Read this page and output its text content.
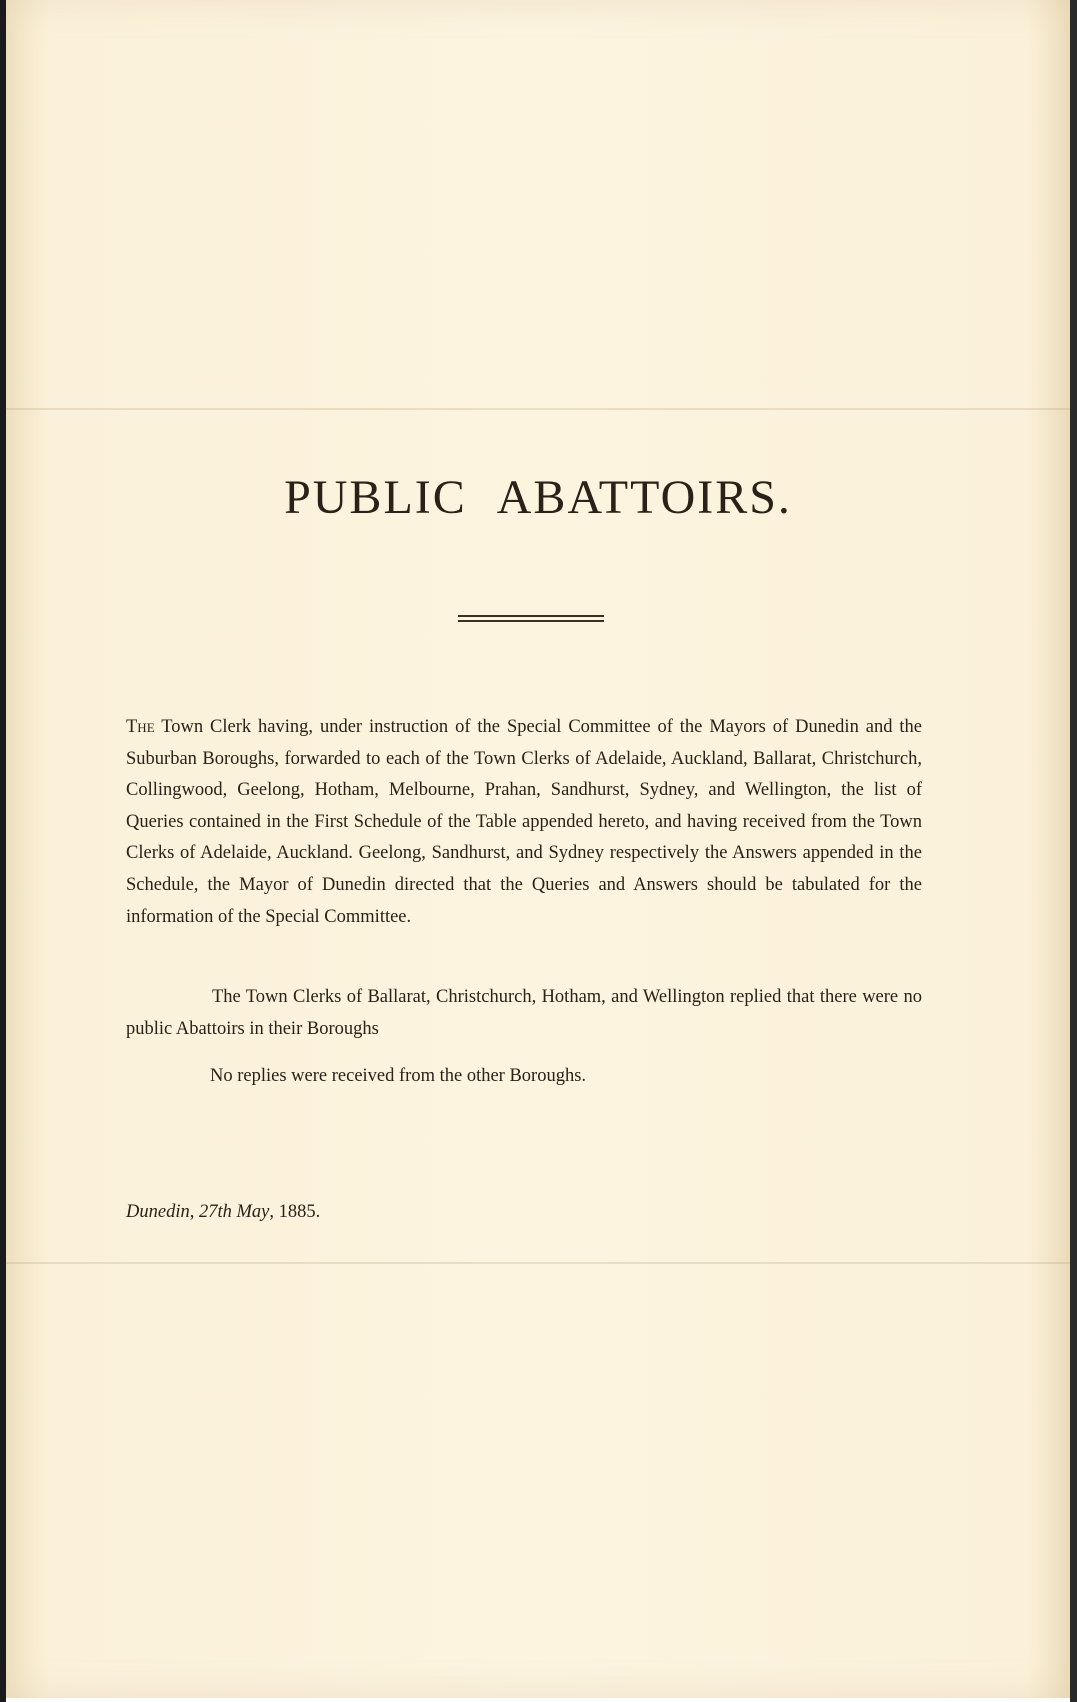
PUBLIC ABATTOIRS.

The Town Clerk having, under instruction of the Special Committee of the Mayors of Dunedin and the Suburban Boroughs, forwarded to each of the Town Clerks of Adelaide, Auckland, Ballarat, Christchurch, Collingwood, Geelong, Hotham, Melbourne, Prahan, Sandhurst, Sydney, and Wellington, the list of Queries contained in the First Schedule of the Table appended hereto, and having received from the Town Clerks of Adelaide, Auckland. Geelong, Sandhurst, and Sydney respectively the Answers appended in the Schedule, the Mayor of Dunedin directed that the Queries and Answers should be tabulated for the information of the Special Committee.

The Town Clerks of Ballarat, Christchurch, Hotham, and Wellington replied that there were no public Abattoirs in their Boroughs

No replies were received from the other Boroughs.

Dunedin, 27th May, 1885.
